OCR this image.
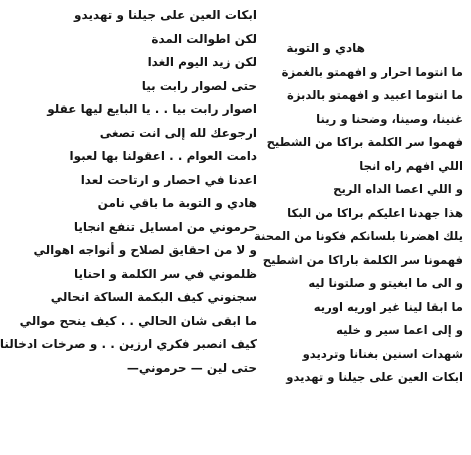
هادي و التوبة
ما انتوما احرار و افهمتو بالغمزة
ما انتوما اعبيد و افهمتو بالدبزة
غنينا، وصينا، وضحنا و رينا
فهموا سر الكلمة براكا من الشطيح
اللي افهم راه انجا
و اللي اعصا الداه الريح
هذا جهدنا اعليكم براكا من البكا
يلك اهضرنا بلسانكم فكونا من المحنة
فهمونا سر الكلمة باراكا من اشطيح
و الى ما ابغيتو و صلتونا ليه
ما ابقا لينا غير اوريه اوريه
و إلى اعما سير و خليه
شهدات اسنين بغنانا وترديدو
ابكات العين على جيلنا و تهديدو
ابكات العين على جيلنا و تهديدو
لكن اطوالت المدة
لكن زيد اليوم الغدا
حتى لصوار رابت بيا
اصوار رابت بيا . . يا البايع ليها عقلو
ارجوعك لله إلى انت تصغى
دامت العوام . . اعقولنا بها لعبوا
اعدنا في احصار و ارتاحت لعدا
هادي و التوبة ما باقي نامن
حرموني من امسايل تنفع انجايا
و لا من احقايق لصلاح و أنواجه اهوالي
ظلموني في سر الكلمة و احنايا
سجنوني كيف البكمة الساكة انحالي
ما ابقى شان الحالي . . كيف ينحح موالي
كيف انصبر فكري ارزين . . و صرخات ادخالنا
حتى لين — حرموني—
